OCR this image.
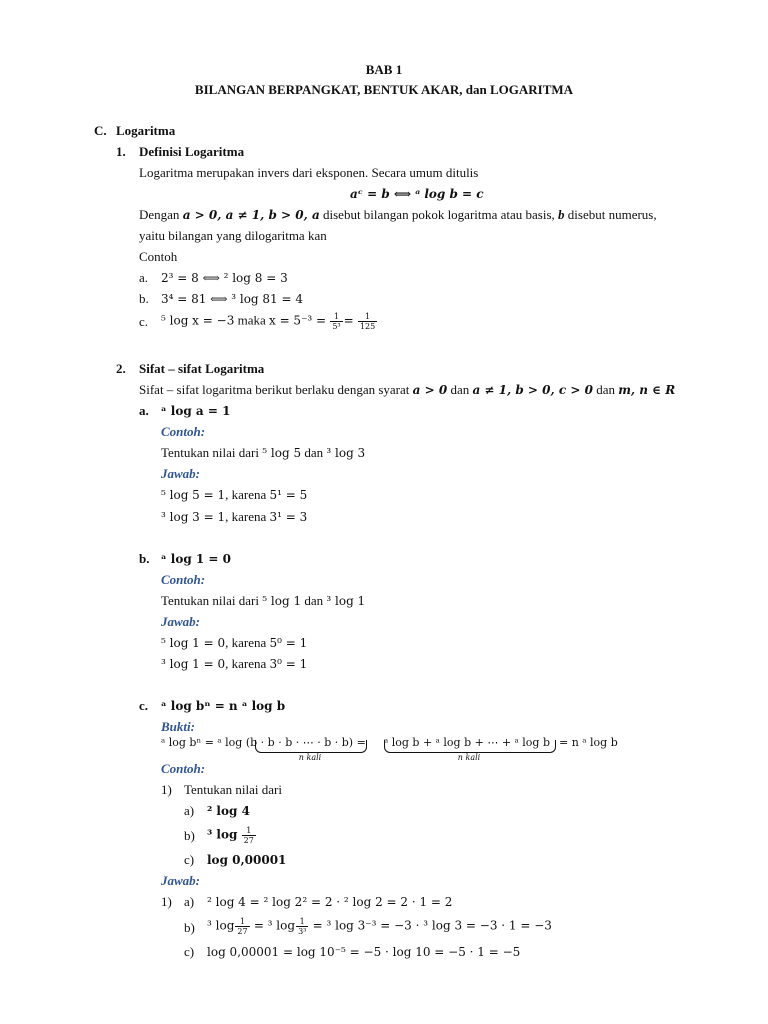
BAB 1
BILANGAN BERPANGKAT, BENTUK AKAR, dan LOGARITMA
C. Logaritma
1. Definisi Logaritma
Logaritma merupakan invers dari eksponen. Secara umum ditulis
aᶜ = b ⟺ ᵃ log b = c
Dengan a > 0, a ≠ 1, b > 0, a disebut bilangan pokok logaritma atau basis, b disebut numerus,
yaitu bilangan yang dilogaritma kan
Contoh
a. 2³ = 8 ⟺ ² log 8 = 3
b. 3⁴ = 81 ⟺ ³ log 81 = 4
c. ⁵ log x = −3 maka $x = 5^{-3} = \frac{1}{\text{5³}} = \frac{1}{125}$
2. Sifat – sifat Logaritma
Sifat – sifat logaritma berikut berlaku dengan syarat a > 0 dan a ≠ 1, b > 0, c > 0 dan m, n ∈ R
a. ᵃ log a = 1
Contoh:
Tentukan nilai dari ⁵ log 5 dan ³ log 3
Jawab:
⁵ log 5 = 1, karena 5¹ = 5
³ log 3 = 1, karena 3¹ = 3
b. ᵃ log 1 = 0
Contoh:
Tentukan nilai dari ⁵ log 1 dan ³ log 1
Jawab:
⁵ log 1 = 0, karena 5⁰ = 1
³ log 1 = 0, karena 3⁰ = 1
c. ᵃ log bⁿ = n ᵃ log b
Bukti:
ᵃ log bⁿ = ᵃ log (b · b · b · ⋯ · b · b) = ᵃ log b + ᵃ log b + ⋯ + ᵃ log b = n ᵃ log b
n kali	n kali
Contoh:
1) Tentukan nilai dari
a) ² log 4
b) ³ $\log \frac{1}{27}$
c) log 0,00001
Jawab:
1) a) ² log 4 = ² log 2² = 2 · ² log 2 = 2 · 1 = 2
b) ³ $\log \frac{1}{27} = ^3$ $\log \frac{1}{\text{3³}} = ^3$ log 3⁻³ = −3 · ³ log 3 = −3 · 1 = −3
c) log 0,00001 = log 10⁻⁵ = −5 · log 10 = −5 · 1 = −5
